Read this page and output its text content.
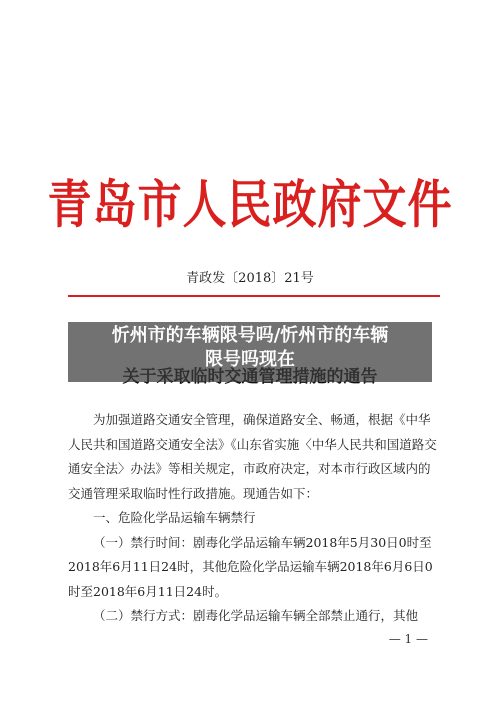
青岛市人民政府文件
青政发〔2018〕21号

为加强道路交通安全管理，确保道路安全、畅通，根据《中华人民共和国道路交通安全法》《山东省实施〈中华人民共和国道路交通安全法〉办法》等相关规定，市政府决定，对本市行政区域内的交通管理采取临时性行政措施。现通告如下：

一、危险化学品运输车辆禁行

（一）禁行时间：剧毒化学品运输车辆2018年5月30日0时至2018年6月11日24时，其他危险化学品运输车辆2018年6月6日0时至2018年6月11日24时。

（二）禁行方式：剧毒化学品运输车辆全部禁止通行，其他

— 1 —
忻州市的车辆限号吗/忻州市的车辆
限号吗现在
